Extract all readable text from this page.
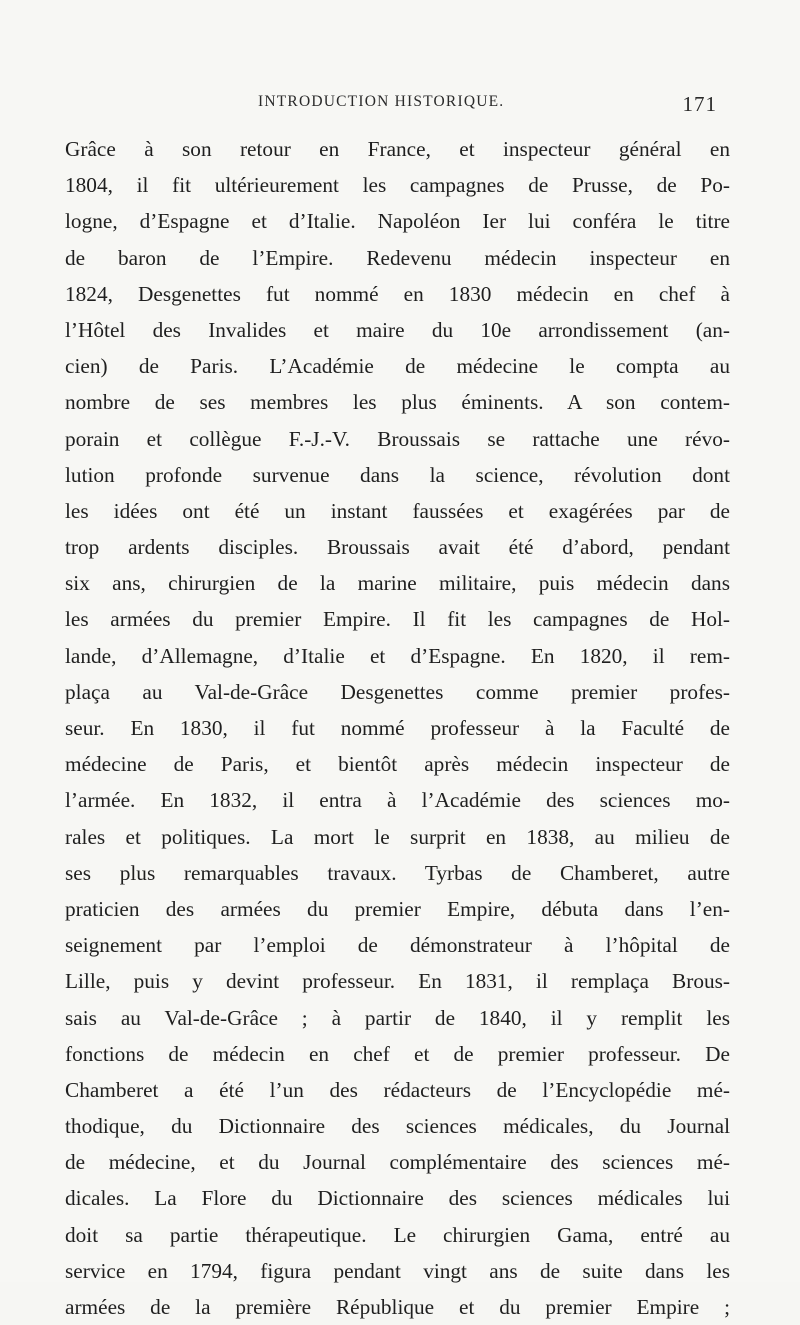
INTRODUCTION HISTORIQUE.	171
Grâce à son retour en France, et inspecteur général en
1804, il fit ultérieurement les campagnes de Prusse, de Po-
logne, d’Espagne et d’Italie. Napoléon Ier lui conféra le titre
de baron de l’Empire. Redevenu médecin inspecteur en
1824, Desgenettes fut nommé en 1830 médecin en chef à
l’Hôtel des Invalides et maire du 10e arrondissement (an-
cien) de Paris. L’Académie de médecine le compta au
nombre de ses membres les plus éminents. A son contem-
porain et collègue F.-J.-V. Broussais se rattache une révo-
lution profonde survenue dans la science, révolution dont
les idées ont été un instant faussées et exagérées par de
trop ardents disciples. Broussais avait été d’abord, pendant
six ans, chirurgien de la marine militaire, puis médecin dans
les armées du premier Empire. Il fit les campagnes de Hol-
lande, d’Allemagne, d’Italie et d’Espagne. En 1820, il rem-
plaça au Val-de-Grâce Desgenettes comme premier profes-
seur. En 1830, il fut nommé professeur à la Faculté de
médecine de Paris, et bientôt après médecin inspecteur de
l’armée. En 1832, il entra à l’Académie des sciences mo-
rales et politiques. La mort le surprit en 1838, au milieu de
ses plus remarquables travaux. Tyrbas de Chamberet, autre
praticien des armées du premier Empire, débuta dans l’en-
seignement par l’emploi de démonstrateur à l’hôpital de
Lille, puis y devint professeur. En 1831, il remplaça Brous-
sais au Val-de-Grâce ; à partir de 1840, il y remplit les
fonctions de médecin en chef et de premier professeur. De
Chamberet a été l’un des rédacteurs de l’Encyclopédie mé-
thodique, du Dictionnaire des sciences médicales, du Journal
de médecine, et du Journal complémentaire des sciences mé-
dicales. La Flore du Dictionnaire des sciences médicales lui
doit sa partie thérapeutique. Le chirurgien Gama, entré au
service en 1794, figura pendant vingt ans de suite dans les
armées de la première République et du premier Empire ;
